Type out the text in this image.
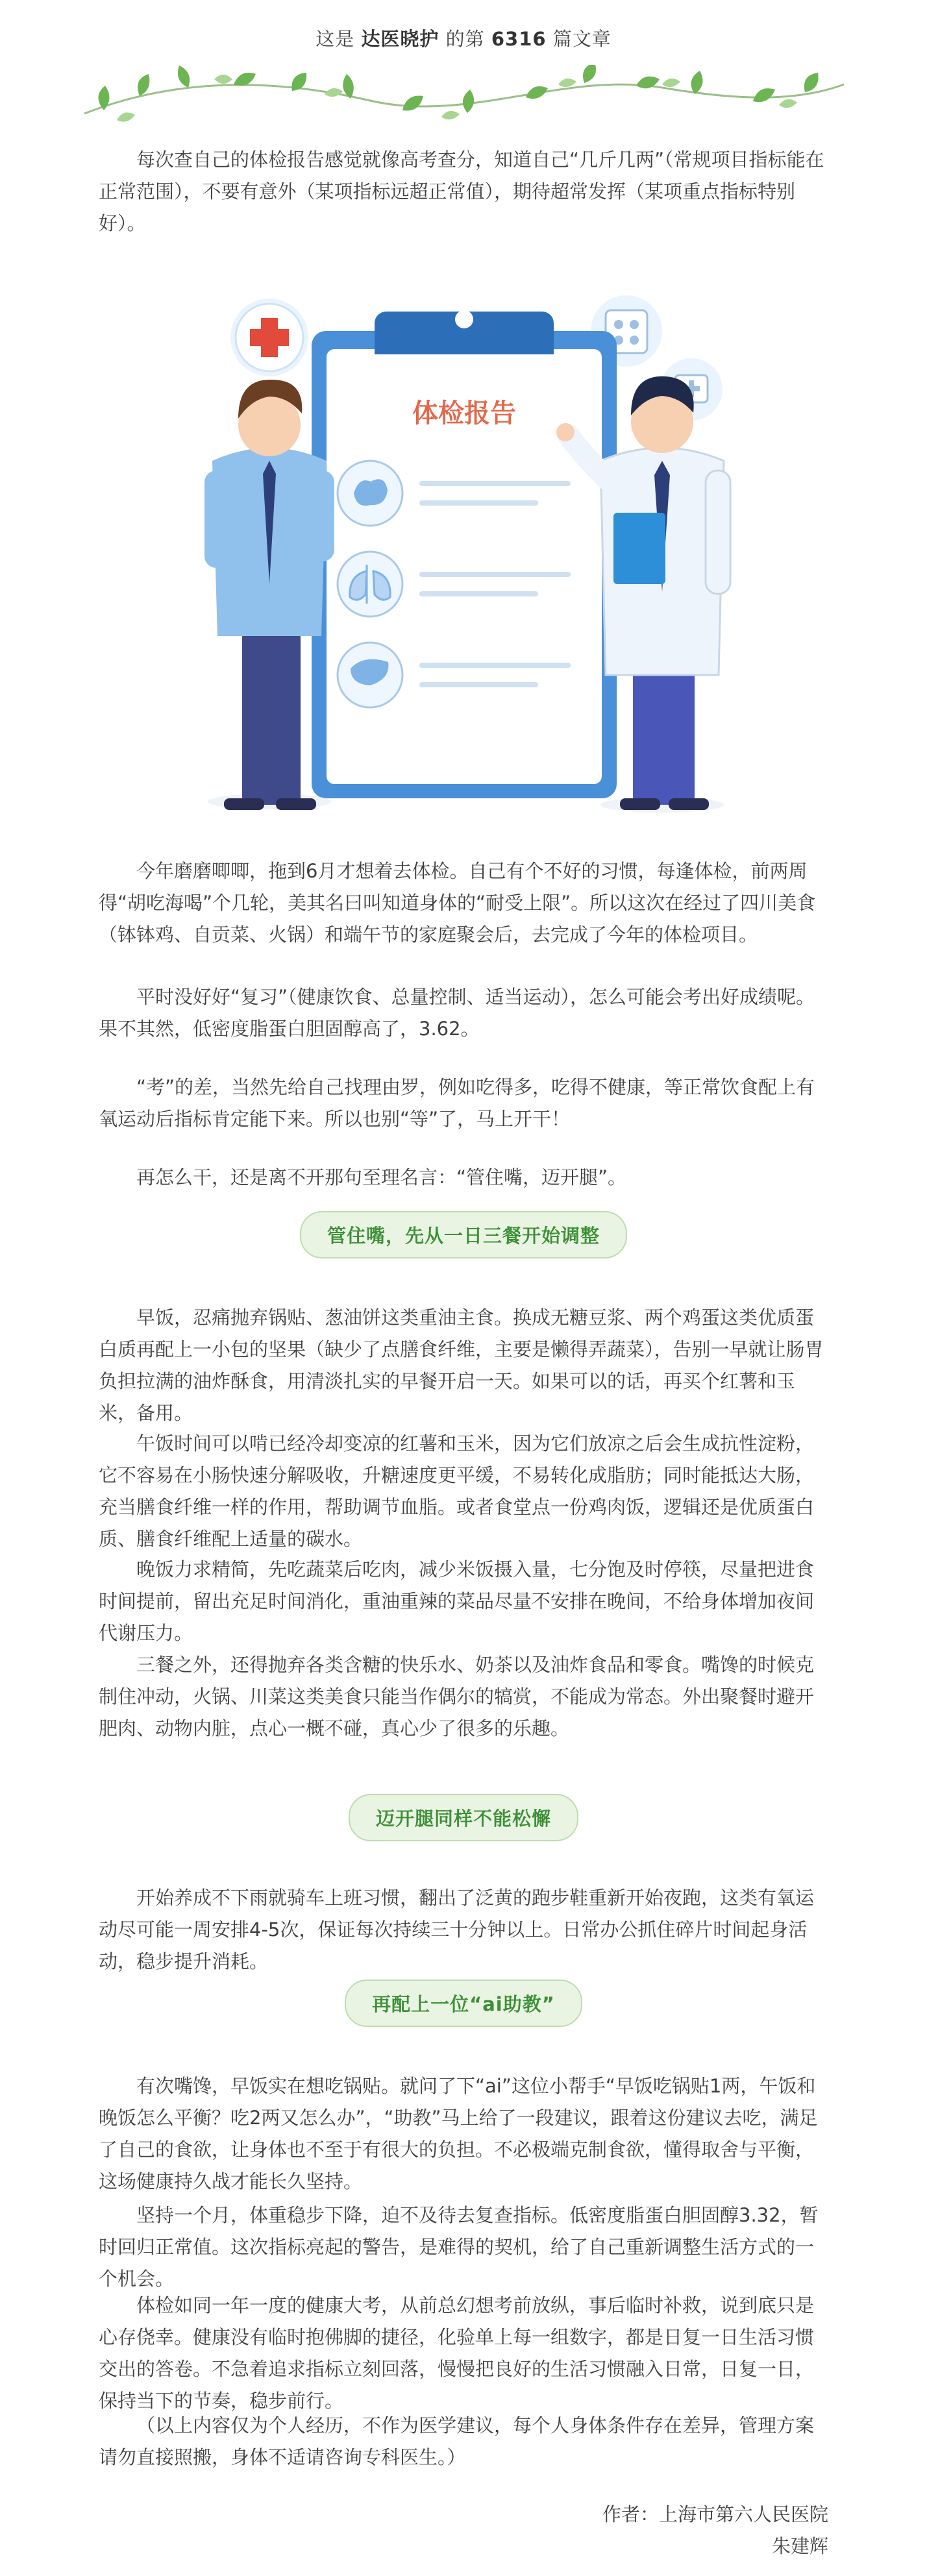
这是 达医晓护 的第 6316 篇文章

每次查自己的体检报告感觉就像高考查分，知道自己“几斤几两”（常规项目指标能在正常范围），不要有意外（某项指标远超正常值），期待超常发挥（某项重点指标特别好）。

体检报告

今年磨磨唧唧，拖到6月才想着去体检。自己有个不好的习惯，每逢体检，前两周得“胡吃海喝”个几轮，美其名曰叫知道身体的“耐受上限”。所以这次在经过了四川美食（钵钵鸡、自贡菜、火锅）和端午节的家庭聚会后，去完成了今年的体检项目。

平时没好好“复习”（健康饮食、总量控制、适当运动），怎么可能会考出好成绩呢。果不其然，低密度脂蛋白胆固醇高了，3.62。

“考”的差，当然先给自己找理由罗，例如吃得多，吃得不健康，等正常饮食配上有氧运动后指标肯定能下来。所以也别“等”了，马上开干！

再怎么干，还是离不开那句至理名言：“管住嘴，迈开腿”。

管住嘴，先从一日三餐开始调整

早饭，忍痛抛弃锅贴、葱油饼这类重油主食。换成无糖豆浆、两个鸡蛋这类优质蛋白质再配上一小包的坚果（缺少了点膳食纤维，主要是懒得弄蔬菜），告别一早就让肠胃负担拉满的油炸酥食，用清淡扎实的早餐开启一天。如果可以的话，再买个红薯和玉米，备用。

午饭时间可以啃已经冷却变凉的红薯和玉米，因为它们放凉之后会生成抗性淀粉，它不容易在小肠快速分解吸收，升糖速度更平缓，不易转化成脂肪；同时能抵达大肠，充当膳食纤维一样的作用，帮助调节血脂。或者食堂点一份鸡肉饭，逻辑还是优质蛋白质、膳食纤维配上适量的碳水。

晚饭力求精简，先吃蔬菜后吃肉，减少米饭摄入量，七分饱及时停筷，尽量把进食时间提前，留出充足时间消化，重油重辣的菜品尽量不安排在晚间，不给身体增加夜间代谢压力。

三餐之外，还得抛弃各类含糖的快乐水、奶茶以及油炸食品和零食。嘴馋的时候克制住冲动，火锅、川菜这类美食只能当作偶尔的犒赏，不能成为常态。外出聚餐时避开肥肉、动物内脏，点心一概不碰，真心少了很多的乐趣。

迈开腿同样不能松懈

开始养成不下雨就骑车上班习惯，翻出了泛黄的跑步鞋重新开始夜跑，这类有氧运动尽可能一周安排4-5次，保证每次持续三十分钟以上。日常办公抓住碎片时间起身活动，稳步提升消耗。

再配上一位“ai助教”

有次嘴馋，早饭实在想吃锅贴。就问了下“ai”这位小帮手“早饭吃锅贴1两，午饭和晚饭怎么平衡？吃2两又怎么办”，“助教”马上给了一段建议，跟着这份建议去吃，满足了自己的食欲，让身体也不至于有很大的负担。不必极端克制食欲，懂得取舍与平衡，这场健康持久战才能长久坚持。

坚持一个月，体重稳步下降，迫不及待去复查指标。低密度脂蛋白胆固醇3.32，暂时回归正常值。这次指标亮起的警告，是难得的契机，给了自己重新调整生活方式的一个机会。

体检如同一年一度的健康大考，从前总幻想考前放纵，事后临时补救，说到底只是心存侥幸。健康没有临时抱佛脚的捷径，化验单上每一组数字，都是日复一日生活习惯交出的答卷。不急着追求指标立刻回落，慢慢把良好的生活习惯融入日常，日复一日，保持当下的节奏，稳步前行。

（以上内容仅为个人经历，不作为医学建议，每个人身体条件存在差异，管理方案请勿直接照搬，身体不适请咨询专科医生。）

作者：上海市第六人民医院
朱建辉
